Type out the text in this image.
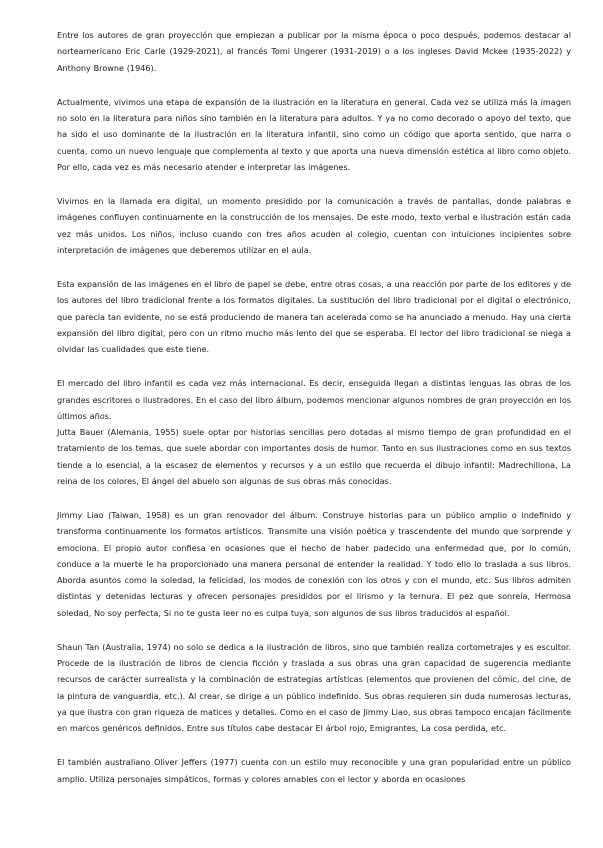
Entre los autores de gran proyección que empiezan a publicar por la misma época o poco después, podemos destacar al norteamericano Eric Carle (1929-2021), al francés Tomi Ungerer (1931-2019) o a los ingleses David Mckee (1935-2022) y Anthony Browne (1946).

Actualmente, vivimos una etapa de expansión de la ilustración en la literatura en general. Cada vez se utiliza más la imagen no solo en la literatura para niños sino también en la literatura para adultos. Y ya no como decorado o apoyo del texto, que ha sido el uso dominante de la ilustración en la literatura infantil, sino como un código que aporta sentido, que narra o cuenta, como un nuevo lenguaje que complementa al texto y que aporta una nueva dimensión estética al libro como objeto. Por ello, cada vez es más necesario atender e interpretar las imágenes.

Vivimos en la llamada era digital, un momento presidido por la comunicación a través de pantallas, donde palabras e imágenes confluyen continuamente en la construcción de los mensajes. De este modo, texto verbal e ilustración están cada vez más unidos. Los niños, incluso cuando con tres años acuden al colegio, cuentan con intuiciones incipientes sobre interpretación de imágenes que deberemos utilizar en el aula.

Esta expansión de las imágenes en el libro de papel se debe, entre otras cosas, a una reacción por parte de los editores y de los autores del libro tradicional frente a los formatos digitales. La sustitución del libro tradicional por el digital o electrónico, que parecía tan evidente, no se está produciendo de manera tan acelerada como se ha anunciado a menudo. Hay una cierta expansión del libro digital, pero con un ritmo mucho más lento del que se esperaba. El lector del libro tradicional se niega a olvidar las cualidades que este tiene.

El mercado del libro infantil es cada vez más internacional. Es decir, enseguida llegan a distintas lenguas las obras de los grandes escritores o ilustradores. En el caso del libro álbum, podemos mencionar algunos nombres de gran proyección en los últimos años.

Jutta Bauer (Alemania, 1955) suele optar por historias sencillas pero dotadas al mismo tiempo de gran profundidad en el tratamiento de los temas, que suele abordar con importantes dosis de humor. Tanto en sus ilustraciones como en sus textos tiende a lo esencial, a la escasez de elementos y recursos y a un estilo que recuerda el dibujo infantil: Madrechillona, La reina de los colores, El ángel del abuelo son algunas de sus obras más conocidas.

Jimmy Liao (Taiwan, 1958) es un gran renovador del álbum. Construye historias para un público amplio o indefinido y transforma continuamente los formatos artísticos. Transmite una visión poética y trascendente del mundo que sorprende y emociona. El propio autor confiesa en ocasiones que el hecho de haber padecido una enfermedad que, por lo común, conduce a la muerte le ha proporcionado una manera personal de entender la realidad. Y todo ello lo traslada a sus libros. Aborda asuntos como la soledad, la felicidad, los modos de conexión con los otros y con el mundo, etc. Sus libros admiten distintas y detenidas lecturas y ofrecen personajes presididos por el lirismo y la ternura. El pez que sonreía, Hermosa soledad, No soy perfecta, Si no te gusta leer no es culpa tuya, son algunos de sus libros traducidos al español.

Shaun Tan (Australia, 1974) no solo se dedica a la ilustración de libros, sino que también realiza cortometrajes y es escultor. Procede de la ilustración de libros de ciencia ficción y traslada a sus obras una gran capacidad de sugerencia mediante recursos de carácter surrealista y la combinación de estrategias artísticas (elementos que provienen del cómic, del cine, de la pintura de vanguardia, etc.). Al crear, se dirige a un público indefinido. Sus obras requieren sin duda numerosas lecturas, ya que ilustra con gran riqueza de matices y detalles. Como en el caso de Jimmy Liao, sus obras tampoco encajan fácilmente en marcos genéricos definidos. Entre sus títulos cabe destacar El árbol rojo, Emigrantes, La cosa perdida, etc.

El también australiano Oliver Jeffers (1977) cuenta con un estilo muy reconocible y una gran popularidad entre un público amplio. Utiliza personajes simpáticos, formas y colores amables con el lector y aborda en ocasiones
